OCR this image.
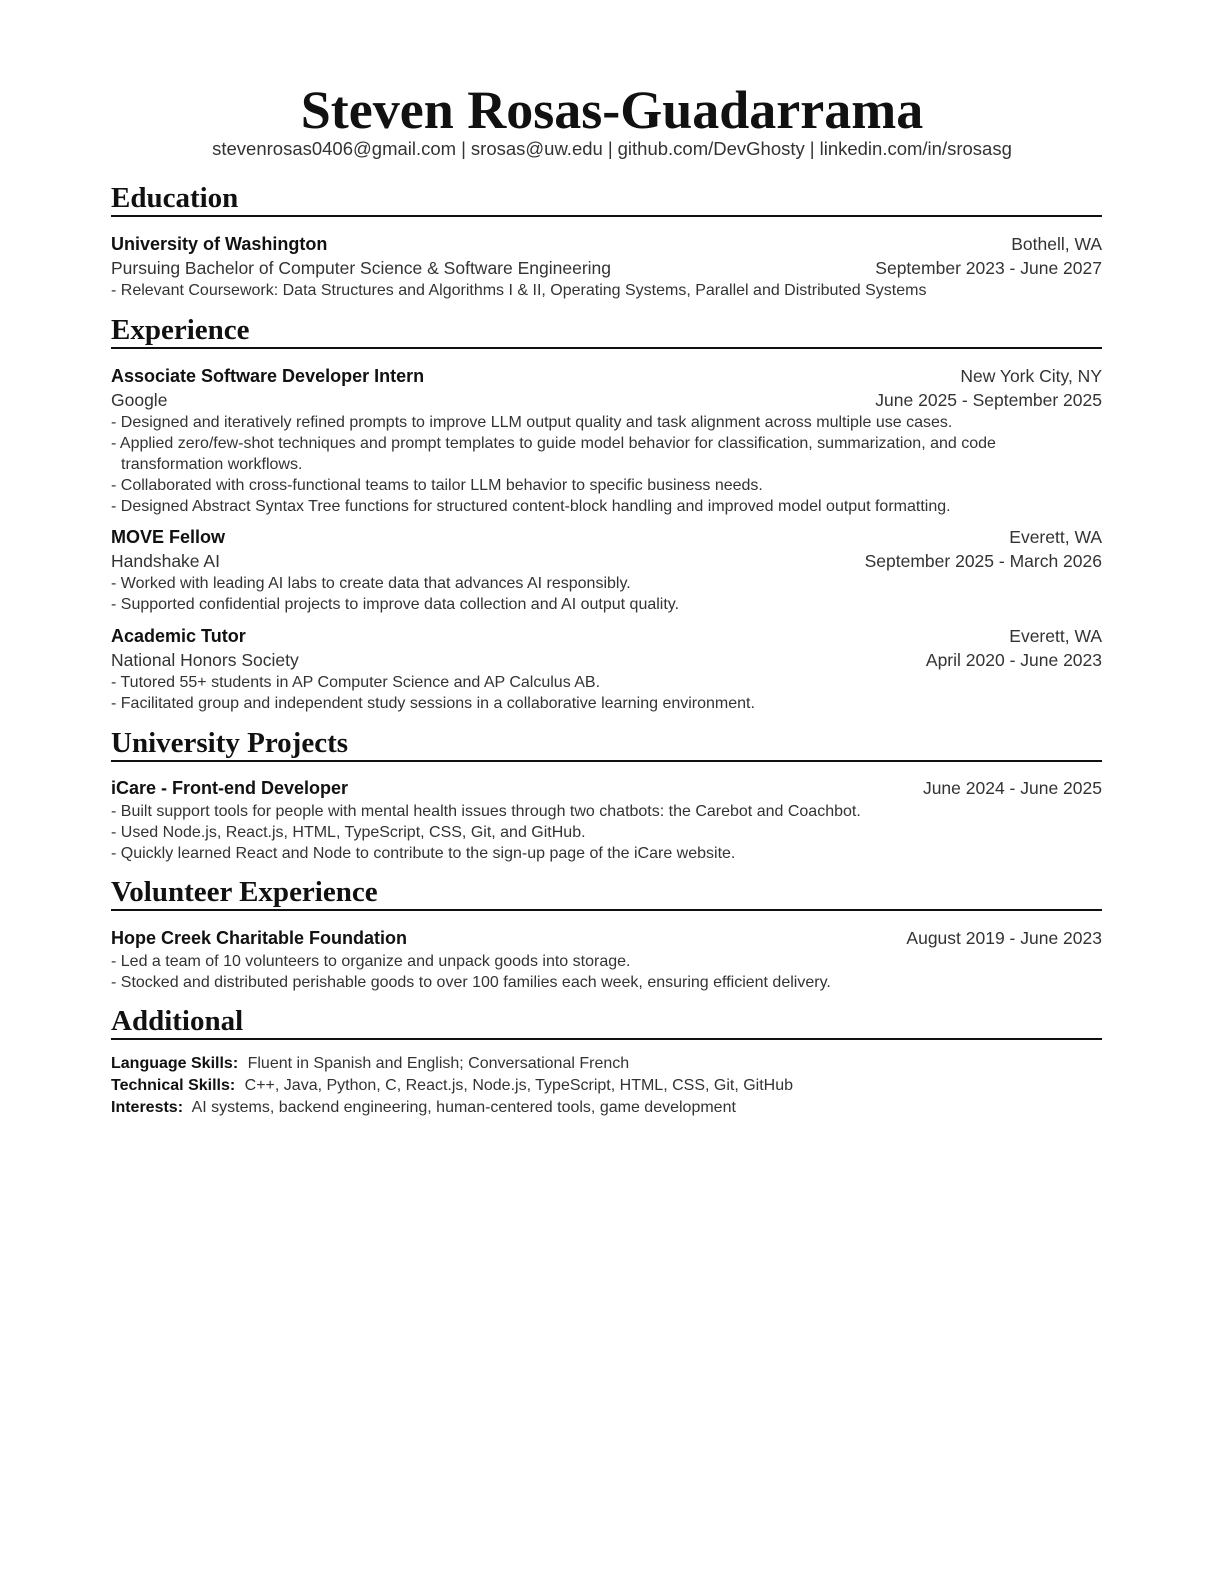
Steven Rosas-Guadarrama
stevenrosas0406@gmail.com | srosas@uw.edu | github.com/DevGhosty | linkedin.com/in/srosasg
Education
University of Washington	Bothell, WA
Pursuing Bachelor of Computer Science & Software Engineering	September 2023 - June 2027
- Relevant Coursework: Data Structures and Algorithms I & II, Operating Systems, Parallel and Distributed Systems
Experience
Associate Software Developer Intern	New York City, NY
Google	June 2025 - September 2025
- Designed and iteratively refined prompts to improve LLM output quality and task alignment across multiple use cases.
- Applied zero/few-shot techniques and prompt templates to guide model behavior for classification, summarization, and code transformation workflows.
- Collaborated with cross-functional teams to tailor LLM behavior to specific business needs.
- Designed Abstract Syntax Tree functions for structured content-block handling and improved model output formatting.
MOVE Fellow	Everett, WA
Handshake AI	September 2025 - March 2026
- Worked with leading AI labs to create data that advances AI responsibly.
- Supported confidential projects to improve data collection and AI output quality.
Academic Tutor	Everett, WA
National Honors Society	April 2020 - June 2023
- Tutored 55+ students in AP Computer Science and AP Calculus AB.
- Facilitated group and independent study sessions in a collaborative learning environment.
University Projects
iCare - Front-end Developer	June 2024 - June 2025
- Built support tools for people with mental health issues through two chatbots: the Carebot and Coachbot.
- Used Node.js, React.js, HTML, TypeScript, CSS, Git, and GitHub.
- Quickly learned React and Node to contribute to the sign-up page of the iCare website.
Volunteer Experience
Hope Creek Charitable Foundation	August 2019 - June 2023
- Led a team of 10 volunteers to organize and unpack goods into storage.
- Stocked and distributed perishable goods to over 100 families each week, ensuring efficient delivery.
Additional
Language Skills: Fluent in Spanish and English; Conversational French
Technical Skills: C++, Java, Python, C, React.js, Node.js, TypeScript, HTML, CSS, Git, GitHub
Interests: AI systems, backend engineering, human-centered tools, game development
